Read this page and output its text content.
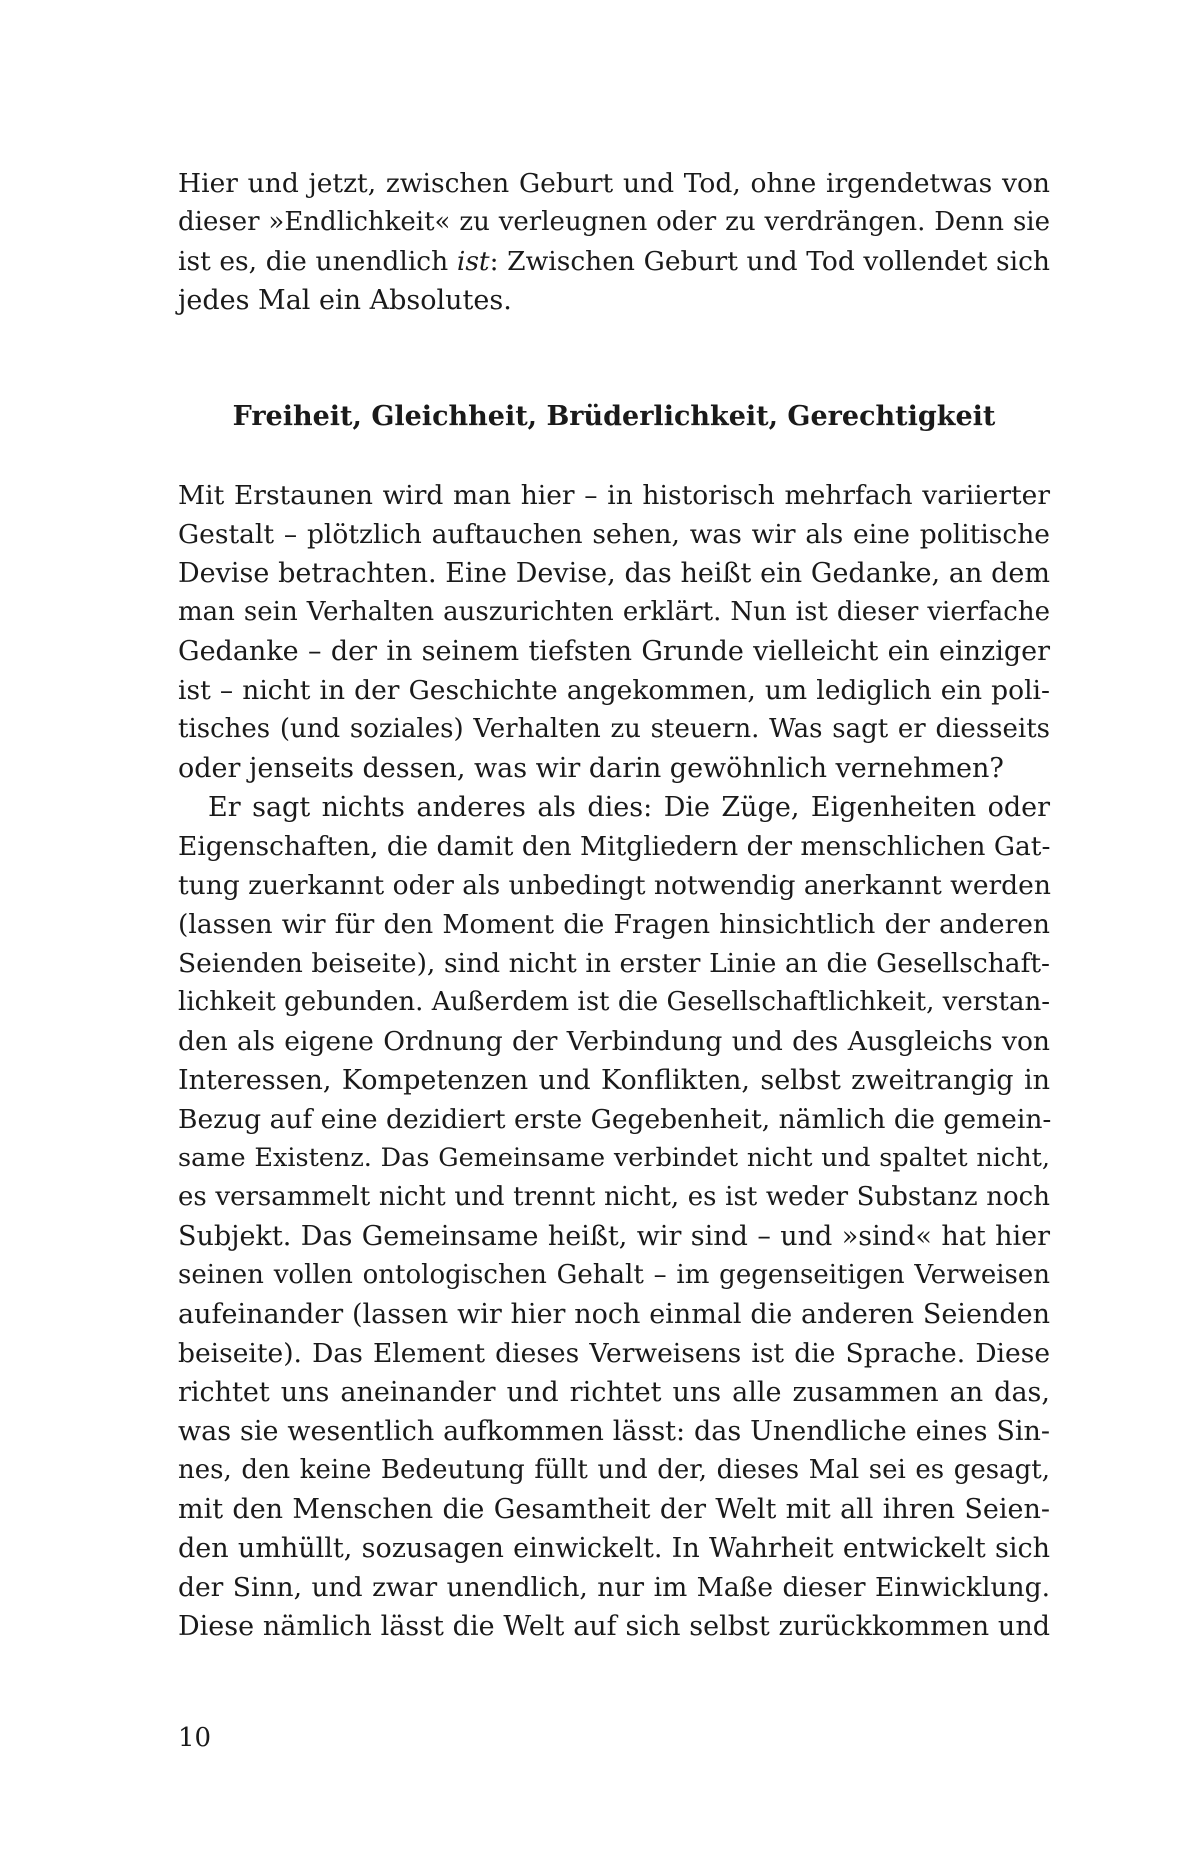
Hier und jetzt, zwischen Geburt und Tod, ohne irgendetwas von
dieser »Endlichkeit« zu verleugnen oder zu verdrängen. Denn sie
ist es, die unendlich ist: Zwischen Geburt und Tod vollendet sich
jedes Mal ein Absolutes.
Freiheit, Gleichheit, Brüderlichkeit, Gerechtigkeit
Mit Erstaunen wird man hier – in historisch mehrfach variierter
Gestalt – plötzlich auftauchen sehen, was wir als eine politische
Devise betrachten. Eine Devise, das heißt ein Gedanke, an dem
man sein Verhalten auszurichten erklärt. Nun ist dieser vierfache
Gedanke – der in seinem tiefsten Grunde vielleicht ein einziger
ist – nicht in der Geschichte angekommen, um lediglich ein poli-
tisches (und soziales) Verhalten zu steuern. Was sagt er diesseits
oder jenseits dessen, was wir darin gewöhnlich vernehmen?
Er sagt nichts anderes als dies: Die Züge, Eigenheiten oder
Eigenschaften, die damit den Mitgliedern der menschlichen Gat-
tung zuerkannt oder als unbedingt notwendig anerkannt werden
(lassen wir für den Moment die Fragen hinsichtlich der anderen
Seienden beiseite), sind nicht in erster Linie an die Gesellschaft-
lichkeit gebunden. Außerdem ist die Gesellschaftlichkeit, verstan-
den als eigene Ordnung der Verbindung und des Ausgleichs von
Interessen, Kompetenzen und Konflikten, selbst zweitrangig in
Bezug auf eine dezidiert erste Gegebenheit, nämlich die gemein-
same Existenz. Das Gemeinsame verbindet nicht und spaltet nicht,
es versammelt nicht und trennt nicht, es ist weder Substanz noch
Subjekt. Das Gemeinsame heißt, wir sind – und »sind« hat hier
seinen vollen ontologischen Gehalt – im gegenseitigen Verweisen
aufeinander (lassen wir hier noch einmal die anderen Seienden
beiseite). Das Element dieses Verweisens ist die Sprache. Diese
richtet uns aneinander und richtet uns alle zusammen an das,
was sie wesentlich aufkommen lässt: das Unendliche eines Sin-
nes, den keine Bedeutung füllt und der, dieses Mal sei es gesagt,
mit den Menschen die Gesamtheit der Welt mit all ihren Seien-
den umhüllt, sozusagen einwickelt. In Wahrheit entwickelt sich
der Sinn, und zwar unendlich, nur im Maße dieser Einwicklung.
Diese nämlich lässt die Welt auf sich selbst zurückkommen und
10
